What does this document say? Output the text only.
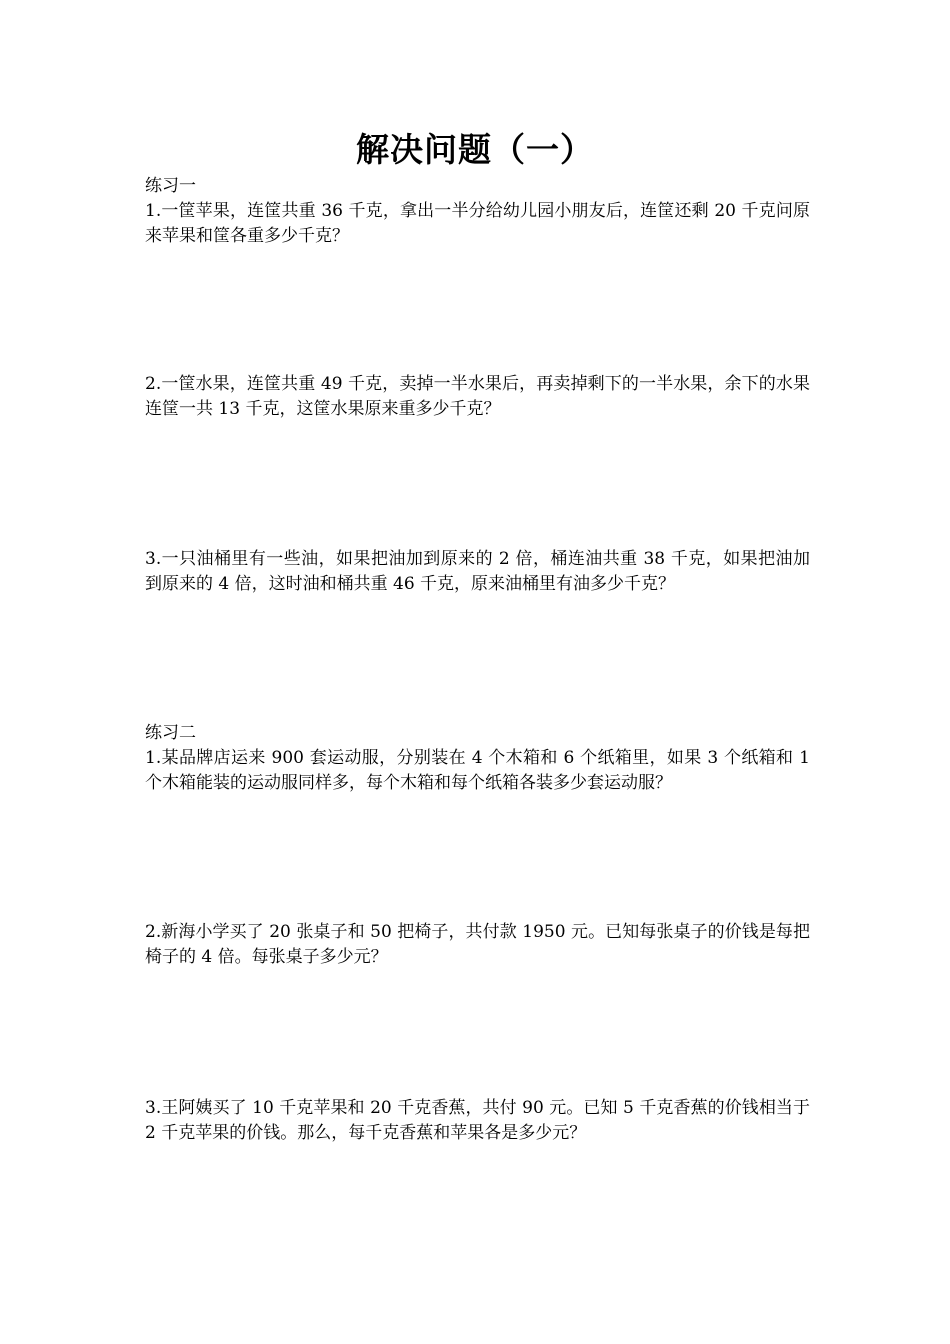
解决问题（一）
练习一
1.一筐苹果，连筐共重 36 千克，拿出一半分给幼儿园小朋友后，连筐还剩 20 千克问原来苹果和筐各重多少千克？
2.一筐水果，连筐共重 49 千克，卖掉一半水果后，再卖掉剩下的一半水果，余下的水果连筐一共 13 千克，这筐水果原来重多少千克？
3.一只油桶里有一些油，如果把油加到原来的 2 倍，桶连油共重 38 千克，如果把油加到原来的 4 倍，这时油和桶共重 46 千克，原来油桶里有油多少千克？
练习二
1.某品牌店运来 900 套运动服，分别装在 4 个木箱和 6 个纸箱里，如果 3 个纸箱和 1 个木箱能装的运动服同样多，每个木箱和每个纸箱各装多少套运动服？
2.新海小学买了 20 张桌子和 50 把椅子，共付款 1950 元。已知每张桌子的价钱是每把椅子的 4 倍。每张桌子多少元？
3.王阿姨买了 10 千克苹果和 20 千克香蕉，共付 90 元。已知 5 千克香蕉的价钱相当于 2 千克苹果的价钱。那么，每千克香蕉和苹果各是多少元？
